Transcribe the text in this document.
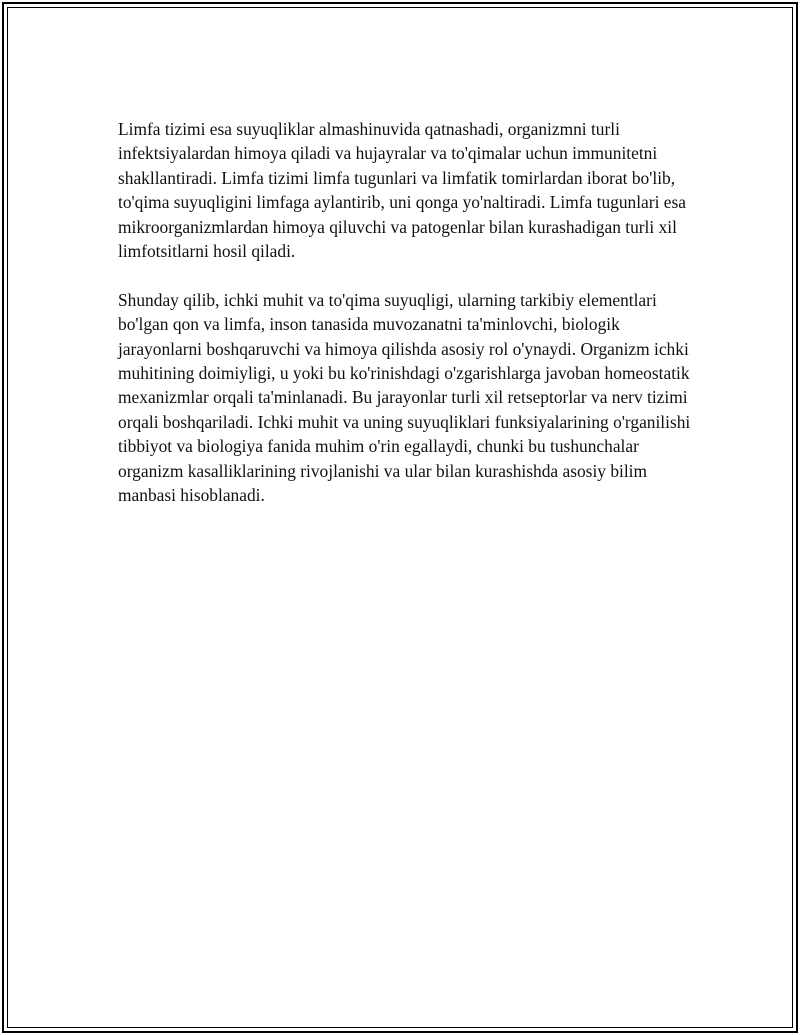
Limfa tizimi esa suyuqliklar almashinuvida qatnashadi, organizmni turli infektsiyalardan himoya qiladi va hujayralar va to'qimalar uchun immunitetni shakllantiradi. Limfa tizimi limfa tugunlari va limfatik tomirlardan iborat bo'lib, to'qima suyuqligini limfaga aylantirib, uni qonga yo'naltiradi. Limfa tugunlari esa mikroorganizmlardan himoya qiluvchi va patogenlar bilan kurashadigan turli xil limfotsitlarni hosil qiladi.

Shunday qilib, ichki muhit va to'qima suyuqligi, ularning tarkibiy elementlari bo'lgan qon va limfa, inson tanasida muvozanatni ta'minlovchi, biologik jarayonlarni boshqaruvchi va himoya qilishda asosiy rol o'ynaydi. Organizm ichki muhitining doimiyligi, u yoki bu ko'rinishdagi o'zgarishlarga javoban homeostatik mexanizmlar orqali ta'minlanadi. Bu jarayonlar turli xil retseptorlar va nerv tizimi orqali boshqariladi. Ichki muhit va uning suyuqliklari funksiyalarining o'rganilishi tibbiyot va biologiya fanida muhim o'rin egallaydi, chunki bu tushunchalar organizm kasalliklarining rivojlanishi va ular bilan kurashishda asosiy bilim manbasi hisoblanadi.
